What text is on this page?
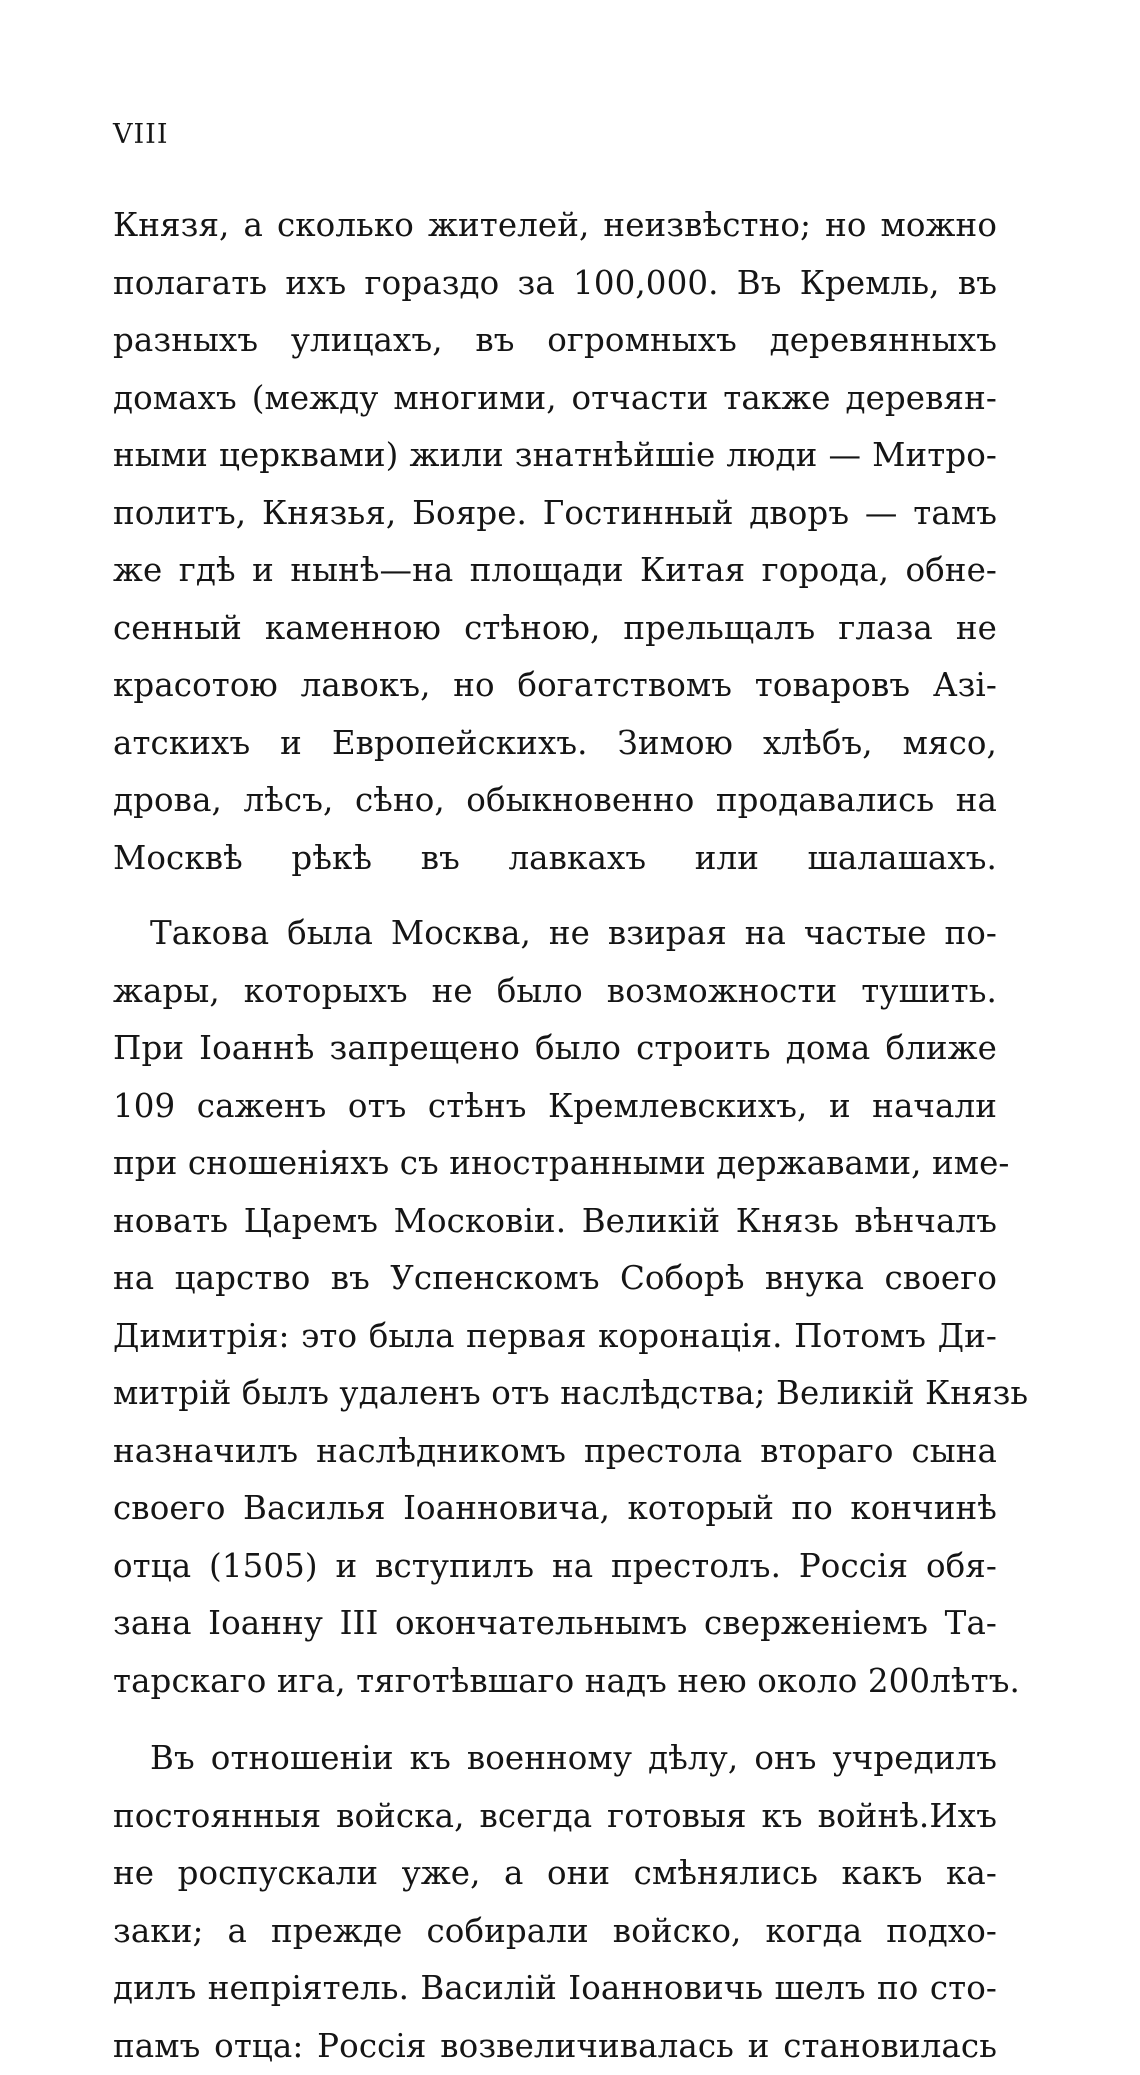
VIII

Князя, а сколько жителей, неизвѣстно; но можно
полагать ихъ гораздо за 100,000. Въ Кремль, въ
разныхъ улицахъ, въ огромныхъ деревянныхъ
домахъ (между многими, отчасти также деревян-
ными церквами) жили знатнѣйшіе люди — Митро-
политъ, Князья, Бояре. Гостинный дворъ — тамъ
же гдѣ и нынѣ—на площади Китая города, обне-
сенный каменною стѣною, прельщалъ глаза не
красотою лавокъ, но богатствомъ товаровъ Азі-
атскихъ и Европейскихъ. Зимою хлѣбъ, мясо,
дрова, лѣсъ, сѣно, обыкновенно продавались на
Москвѣ рѣкѣ въ лавкахъ или шалашахъ.

Такова была Москва, не взирая на частые по-
жары, которыхъ не было возможности тушить.
При Іоаннѣ запрещено было строить дома ближе
109 саженъ отъ стѣнъ Кремлевскихъ, и начали
при сношеніяхъ съ иностранными державами, име-
новать Царемъ Московіи. Великій Князь вѣнчалъ
на царство въ Успенскомъ Соборѣ внука своего
Димитрія: это была первая коронація. Потомъ Ди-
митрій былъ удаленъ отъ наслѣдства; Великій Князь
назначилъ наслѣдникомъ престола втораго сына
своего Василья Іоанновича, который по кончинѣ
отца (1505) и вступилъ на престолъ. Россія обя-
зана Іоанну III окончательнымъ сверженіемъ Та-
тарскаго ига, тяготѣвшаго надъ нею около 200лѣтъ.

Въ отношеніи къ военному дѣлу, онъ учредилъ
постоянныя войска, всегда готовыя къ войнѣ.Ихъ
не роспускали уже, а они смѣнялись какъ ка-
заки; а прежде собирали войско, когда подхо-
дилъ непріятель. Василій Іоанновичь шелъ по сто-
памъ отца: Россія возвеличивалась и становилась
